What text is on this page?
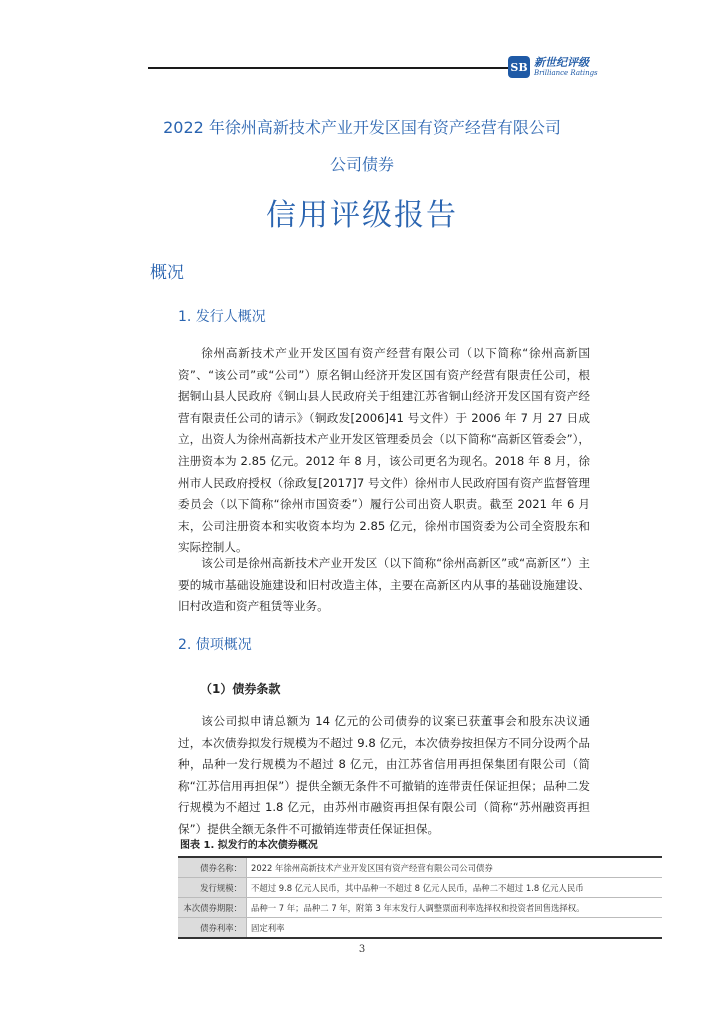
SB 新世纪评级
Brilliance Ratings
2022 年徐州高新技术产业开发区国有资产经营有限公司
公司债券
信用评级报告
概况
1. 发行人概况
徐州高新技术产业开发区国有资产经营有限公司（以下简称“徐州高新国资”、“该公司”或“公司”）原名铜山经济开发区国有资产经营有限责任公司，根据铜山县人民政府《铜山县人民政府关于组建江苏省铜山经济开发区国有资产经营有限责任公司的请示》（铜政发[2006]41 号文件）于 2006 年 7 月 27 日成立，出资人为徐州高新技术产业开发区管理委员会（以下简称“高新区管委会”），注册资本为 2.85 亿元。2012 年 8 月，该公司更名为现名。2018 年 8 月，徐州市人民政府授权（徐政复[2017]7 号文件）徐州市人民政府国有资产监督管理委员会（以下简称“徐州市国资委”）履行公司出资人职责。截至 2021 年 6 月末，公司注册资本和实收资本均为 2.85 亿元，徐州市国资委为公司全资股东和实际控制人。
该公司是徐州高新技术产业开发区（以下简称“徐州高新区”或“高新区”）主要的城市基础设施建设和旧村改造主体，主要在高新区内从事的基础设施建设、旧村改造和资产租赁等业务。
2. 债项概况
（1）债券条款
该公司拟申请总额为 14 亿元的公司债券的议案已获董事会和股东决议通过，本次债券拟发行规模为不超过 9.8 亿元，本次债券按担保方不同分设两个品种，品种一发行规模为不超过 8 亿元，由江苏省信用再担保集团有限公司（简称“江苏信用再担保”）提供全额无条件不可撤销的连带责任保证担保；品种二发行规模为不超过 1.8 亿元，由苏州市融资再担保有限公司（简称“苏州融资再担保”）提供全额无条件不可撤销连带责任保证担保。
图表 1. 拟发行的本次债券概况
债券名称：	2022 年徐州高新技术产业开发区国有资产经营有限公司公司债券
发行规模：	不超过 9.8 亿元人民币，其中品种一不超过 8 亿元人民币，品种二不超过 1.8 亿元人民币
本次债券期限：	品种一 7 年；品种二 7 年，附第 3 年末发行人调整票面利率选择权和投资者回售选择权。
债券利率：	固定利率
3
